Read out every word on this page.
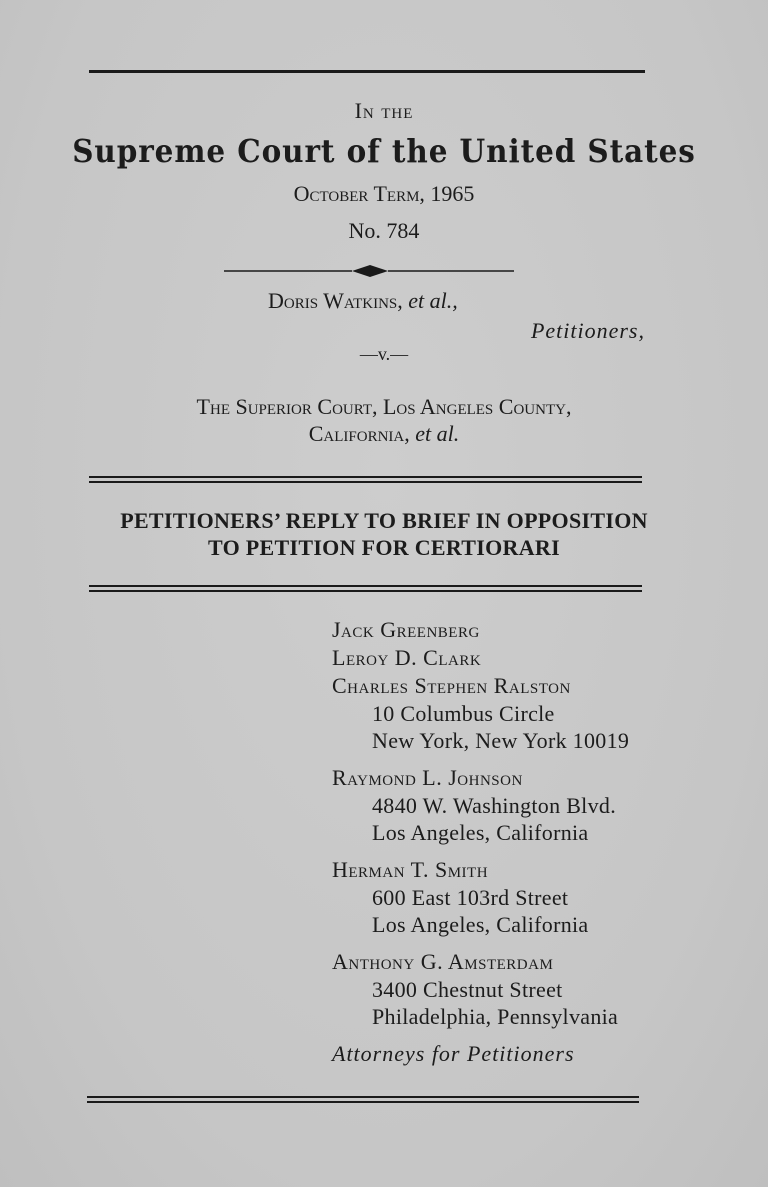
In the
Supreme Court of the United States
October Term, 1965
No. 784
Doris Watkins, et al.,
Petitioners,
—v.—
The Superior Court, Los Angeles County,
California, et al.
PETITIONERS’ REPLY TO BRIEF IN OPPOSITION
TO PETITION FOR CERTIORARI
Jack Greenberg
Leroy D. Clark
Charles Stephen Ralston
10 Columbus Circle
New York, New York 10019
Raymond L. Johnson
4840 W. Washington Blvd.
Los Angeles, California
Herman T. Smith
600 East 103rd Street
Los Angeles, California
Anthony G. Amsterdam
3400 Chestnut Street
Philadelphia, Pennsylvania
Attorneys for Petitioners
